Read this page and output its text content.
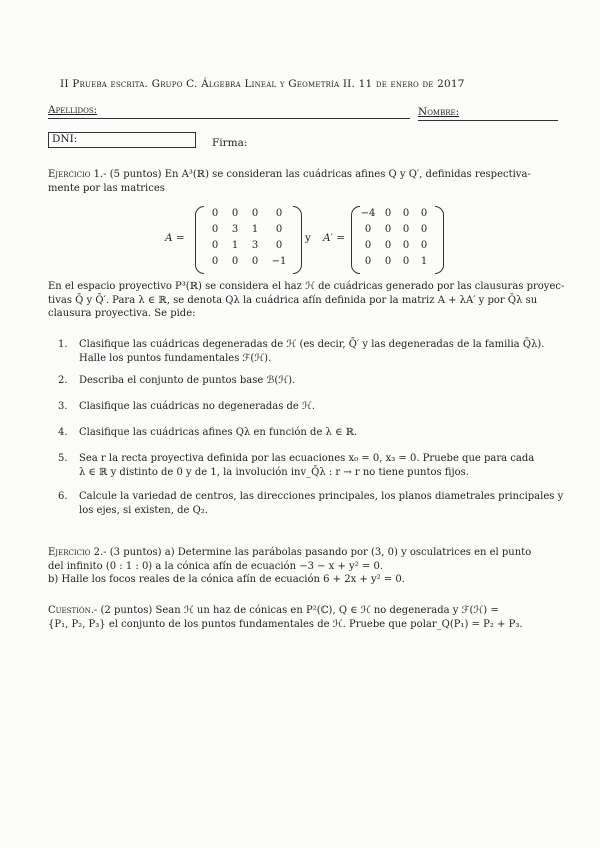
II Prueba escrita. Grupo C. Álgebra Lineal y Geometría II. 11 de enero de 2017
Apellidos:	Nombre:
DNI:	Firma:
Ejercicio 1.- (5 puntos) En A³(ℝ) se consideran las cuádricas afines Q y Q′, definidas respectiva-
mente por las matrices
A =
0	0	0	0
0	3	1	0
0	1	3	0
0	0	0	−1
y A′ =
−4 0	0	0
0	0	0	0
0	0	0	0
0	0	0	1
En el espacio proyectivo P³(ℝ) se considera el haz ℋ de cuádricas generado por las clausuras proyec-
tivas Q̄ y Q̄′. Para λ ∈ ℝ, se denota Qλ la cuádrica afín definida por la matriz A + λA′ y por Q̄λ su
clausura proyectiva. Se pide:
1. Clasifique las cuádricas degeneradas de ℋ (es decir, Q̄′ y las degeneradas de la familia Q̄λ).
Halle los puntos fundamentales ℱ(ℋ).
2. Describa el conjunto de puntos base ℬ(ℋ).
3. Clasifique las cuádricas no degeneradas de ℋ.
4. Clasifique las cuádricas afines Qλ en función de λ ∈ ℝ.
5. Sea r la recta proyectiva definida por las ecuaciones x₀ = 0, x₃ = 0. Pruebe que para cada
λ ∈ ℝ y distinto de 0 y de 1, la involución inv_Q̄λ : r → r no tiene puntos fijos.
6. Calcule la variedad de centros, las direcciones principales, los planos diametrales principales y
los ejes, si existen, de Q₂.
Ejercicio 2.- (3 puntos) a) Determine las parábolas pasando por (3, 0) y osculatrices en el punto
del infinito (0 : 1 : 0) a la cónica afín de ecuación −3 − x + y² = 0.
b) Halle los focos reales de la cónica afín de ecuación 6 + 2x + y² = 0.
Cuestión.- (2 puntos) Sean ℋ un haz de cónicas en P²(ℂ), Q ∈ ℋ no degenerada y ℱ(ℋ) =
{P₁, P₂, P₃} el conjunto de los puntos fundamentales de ℋ. Pruebe que polar_Q(P₁) = P₂ + P₃.
